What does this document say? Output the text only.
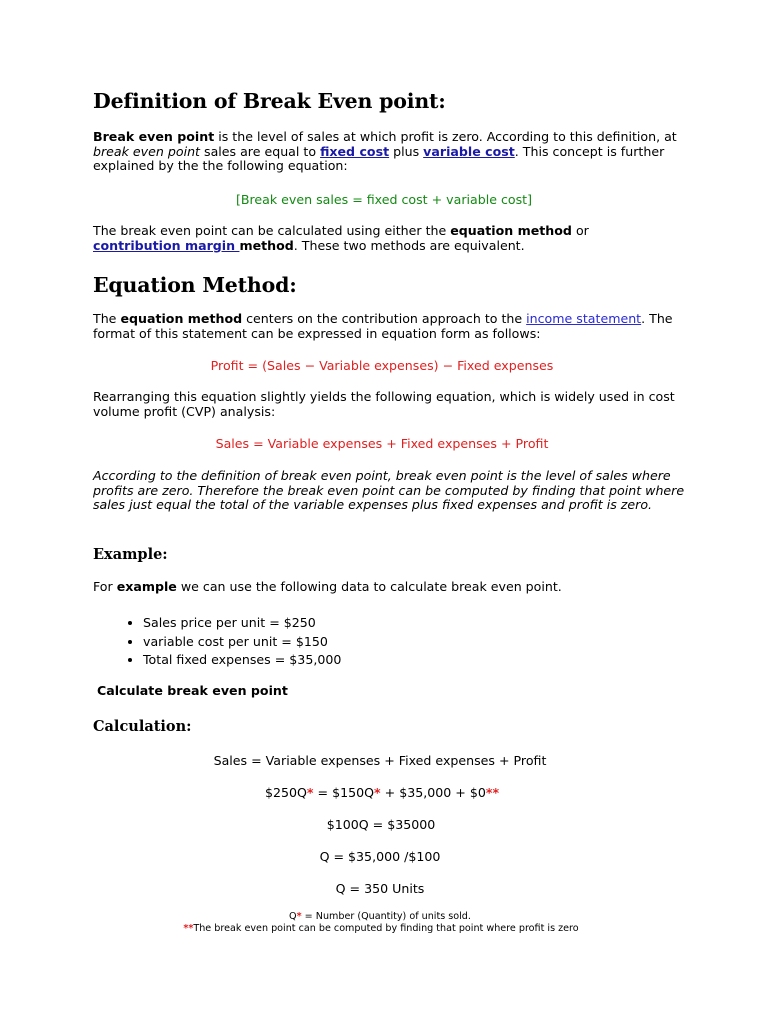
Definition of Break Even point:

Break even point is the level of sales at which profit is zero. According to this definition, at break even point sales are equal to fixed cost plus variable cost. This concept is further explained by the the following equation:

[Break even sales = fixed cost + variable cost]

The break even point can be calculated using either the equation method or
contribution margin method. These two methods are equivalent.

Equation Method:

The equation method centers on the contribution approach to the income statement. The format of this statement can be expressed in equation form as follows:

Profit = (Sales − Variable expenses) − Fixed expenses

Rearranging this equation slightly yields the following equation, which is widely used in cost volume profit (CVP) analysis:

Sales = Variable expenses + Fixed expenses + Profit

According to the definition of break even point, break even point is the level of sales where profits are zero. Therefore the break even point can be computed by finding that point where sales just equal the total of the variable expenses plus fixed expenses and profit is zero.

Example:

For example we can use the following data to calculate break even point.

• Sales price per unit = $250
• variable cost per unit = $150
• Total fixed expenses = $35,000

Calculate break even point

Calculation:

Sales = Variable expenses + Fixed expenses + Profit

$250Q* = $150Q* + $35,000 + $0**

$100Q = $35000

Q = $35,000 /$100

Q = 350 Units

Q* = Number (Quantity) of units sold.

**The break even point can be computed by finding that point where profit is zero
